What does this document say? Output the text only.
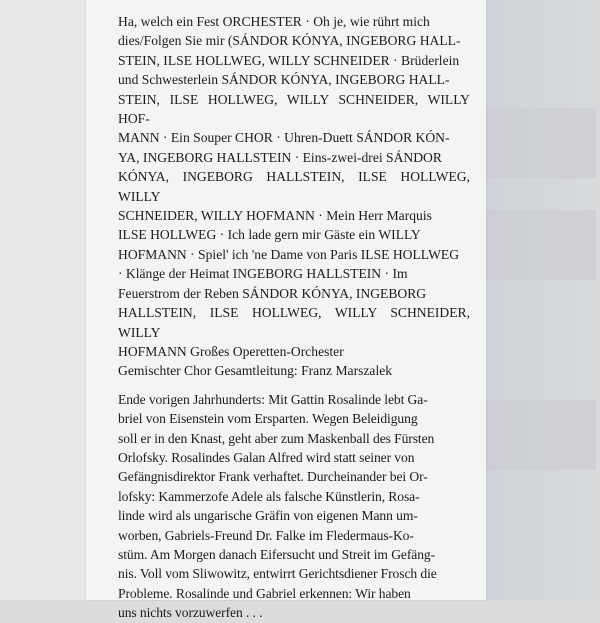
Ha, welch ein Fest ORCHESTER · Oh je, wie rührt mich
dies/Folgen Sie mir (SÁNDOR KÓNYA, INGEBORG HALL-
STEIN, ILSE HOLLWEG, WILLY SCHNEIDER · Brüderlein
und Schwesterlein SÁNDOR KÓNYA, INGEBORG HALL-
STEIN, ILSE HOLLWEG, WILLY SCHNEIDER, WILLY HOF-
MANN · Ein Souper CHOR · Uhren-Duett SÁNDOR KÓN-
YA, INGEBORG HALLSTEIN · Eins-zwei-drei SÁNDOR
KÓNYA, INGEBORG HALLSTEIN, ILSE HOLLWEG, WILLY
SCHNEIDER, WILLY HOFMANN · Mein Herr Marquis
ILSE HOLLWEG · Ich lade gern mir Gäste ein WILLY
HOFMANN · Spiel' ich 'ne Dame von Paris ILSE HOLLWEG
· Klänge der Heimat INGEBORG HALLSTEIN · Im
Feuerstrom der Reben SÁNDOR KÓNYA, INGEBORG
HALLSTEIN, ILSE HOLLWEG, WILLY SCHNEIDER, WILLY
HOFMANN Großes Operetten-Orchester
Gemischter Chor Gesamtleitung: Franz Marszalek

Ende vorigen Jahrhunderts: Mit Gattin Rosalinde lebt Ga-
briel von Eisenstein vom Ersparten. Wegen Beleidigung
soll er in den Knast, geht aber zum Maskenball des Fürsten
Orlofsky. Rosalindes Galan Alfred wird statt seiner von
Gefängnisdirektor Frank verhaftet. Durcheinander bei Or-
lofsky: Kammerzofe Adele als falsche Künstlerin, Rosa-
linde wird als ungarische Gräfin von eigenen Mann um-
worben, Gabriels-Freund Dr. Falke im Fledermaus-Ko-
stüm. Am Morgen danach Eifersucht und Streit im Gefäng-
nis. Voll vom Sliwowitz, entwirrt Gerichtsdiener Frosch die
Probleme. Rosalinde und Gabriel erkennen: Wir haben
uns nichts vorzuwerfen . . .
